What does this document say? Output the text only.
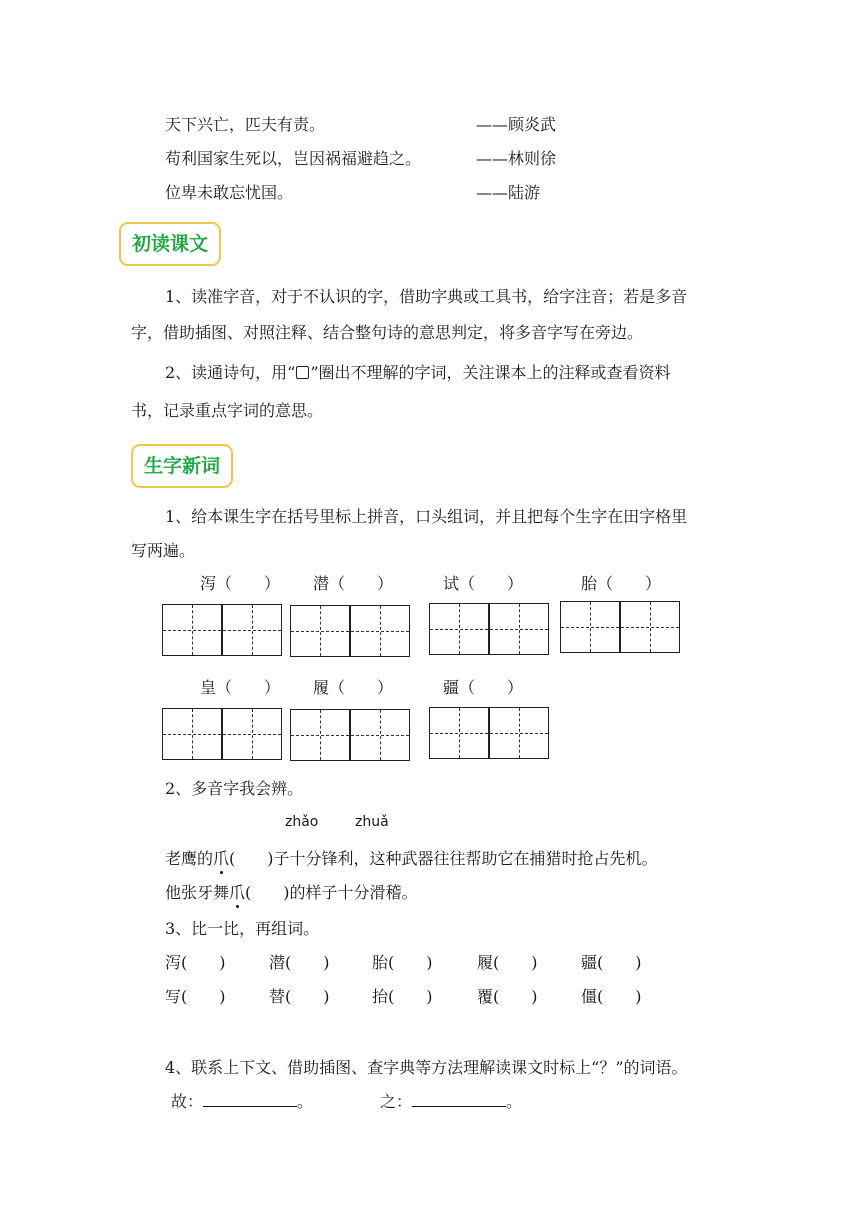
天下兴亡，匹夫有责。	——顾炎武
苟利国家生死以，岂因祸福避趋之。	——林则徐
位卑未敢忘忧国。	——陆游
初读课文
1、读准字音，对于不认识的字，借助字典或工具书，给字注音；若是多音
字，借助插图、对照注释、结合整句诗的意思判定，将多音字写在旁边。
2、读通诗句，用“ ”圈出不理解的字词，关注课本上的注释或查看资料
书，记录重点字词的意思。
生字新词
1、给本课生字在括号里标上拼音，口头组词，并且把每个生字在田字格里
写两遍。
泻（　　） 潜（　　）	试（　　）	胎（　　）
皇（　　） 履（　　）	疆（　　）
2、多音字我会辨。
zhǎo	zhuǎ
老鹰的爪(　　)子十分锋利，这种武器往往帮助它在捕猎时抢占先机。
他张牙舞爪(　　)的样子十分滑稽。
3、比一比，再组词。
泻(　　)	潜(　　)	胎(　　)	履(　　)	疆(　　)
写(　　)	替(　　)	抬(　　)	覆(　　)	僵(　　)
4、联系上下文、借助插图、查字典等方法理解读课文时标上“？”的词语。
故：	。	之：	。
